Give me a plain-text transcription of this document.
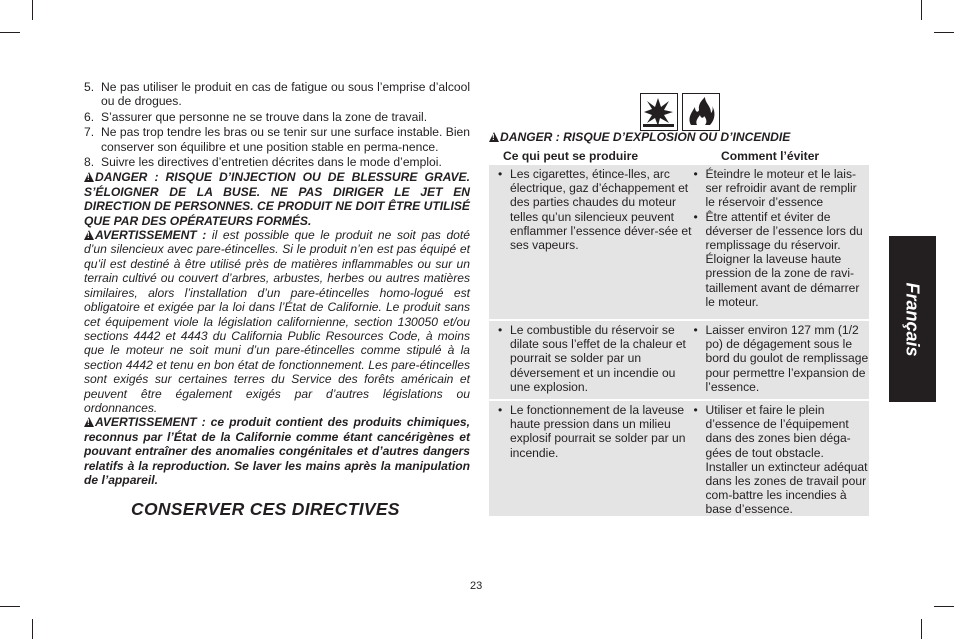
5. Ne pas utiliser le produit en cas de fatigue ou sous l’emprise d’alcool ou de drogues.
6. S’assurer que personne ne se trouve dans la zone de travail.
7. Ne pas trop tendre les bras ou se tenir sur une surface instable. Bien conserver son équilibre et une position stable en perma-nence.
8. Suivre les directives d’entretien décrites dans le mode d’emploi.
!DANGER : RISQUE D’INJECTION OU DE BLESSURE GRAVE. S’ÉLOIGNER DE LA BUSE. NE PAS DIRIGER LE JET EN DIRECTION DE PERSONNES. CE PRODUIT NE DOIT ÊTRE UTILISÉ QUE PAR DES OPÉRATEURS FORMÉS.
!AVERTISSEMENT : il est possible que le produit ne soit pas doté d’un silencieux avec pare-étincelles. Si le produit n’en est pas équipé et qu’il est destiné à être utilisé près de matières inflammables ou sur un terrain cultivé ou couvert d’arbres, arbustes, herbes ou autres matières similaires, alors l’installation d’un pare-étincelles homo-logué est obligatoire et exigée par la loi dans l’État de Californie. Le produit sans cet équipement viole la législation californienne, section 130050 et/ou sections 4442 et 4443 du California Public Resources Code, à moins que le moteur ne soit muni d’un pare-étincelles comme stipulé à la section 4442 et tenu en bon état de fonctionnement. Les pare-étincelles sont exigés sur certaines terres du Service des forêts américain et peuvent être également exigés par d’autres législations ou ordonnances.
!AVERTISSEMENT : ce produit contient des produits chimiques, reconnus par l’État de la Californie comme étant cancérigènes et pouvant entraîner des anomalies congénitales et d’autres dangers relatifs à la reproduction. Se laver les mains après la manipulation de l’appareil.
CONSERVER CES DIRECTIVES
!DANGER : RISQUE D’EXPLOSION OU D’INCENDIE
Ce qui peut se produire	Comment l’éviter
• Les cigarettes, étince-lles, arc électrique, gaz d’échappement et des parties chaudes du moteur telles qu’un silencieux peuvent enflammer l’essence déver-sée et ses vapeurs.
• Éteindre le moteur et le lais-ser refroidir avant de remplir le réservoir d’essence
• Être attentif et éviter de déverser de l’essence lors du remplissage du réservoir. Éloigner la laveuse haute pression de la zone de ravi-taillement avant de démarrer le moteur.
• Le combustible du réservoir se dilate sous l’effet de la chaleur et pourrait se solder par un déversement et un incendie ou une explosion.
• Laisser environ 127 mm (1/2 po) de dégagement sous le bord du goulot de remplissage pour permettre l’expansion de l’essence.
• Le fonctionnement de la laveuse haute pression dans un milieu explosif pourrait se solder par un incendie.
• Utiliser et faire le plein d’essence de l’équipement dans des zones bien déga-gées de tout obstacle. Installer un extincteur adéquat dans les zones de travail pour com-battre les incendies à base d’essence.
Français
23
